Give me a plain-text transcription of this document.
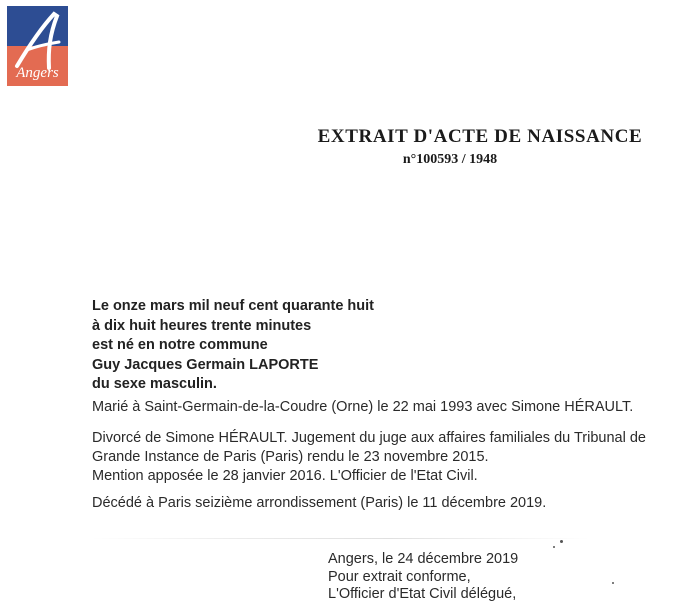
Angers
EXTRAIT D'ACTE DE NAISSANCE
n°100593 / 1948
Le onze mars mil neuf cent quarante huit
à dix huit heures trente minutes
est né en notre commune
Guy Jacques Germain LAPORTE
du sexe masculin.
Marié à Saint-Germain-de-la-Coudre (Orne) le 22 mai 1993 avec Simone HÉRAULT.
Divorcé de Simone HÉRAULT. Jugement du juge aux affaires familiales du Tribunal de
Grande Instance de Paris (Paris) rendu le 23 novembre 2015.
Mention apposée le 28 janvier 2016. L'Officier de l'Etat Civil.
Décédé à Paris seizième arrondissement (Paris) le 11 décembre 2019.
Angers, le 24 décembre 2019
Pour extrait conforme,
L'Officier d'Etat Civil délégué,
